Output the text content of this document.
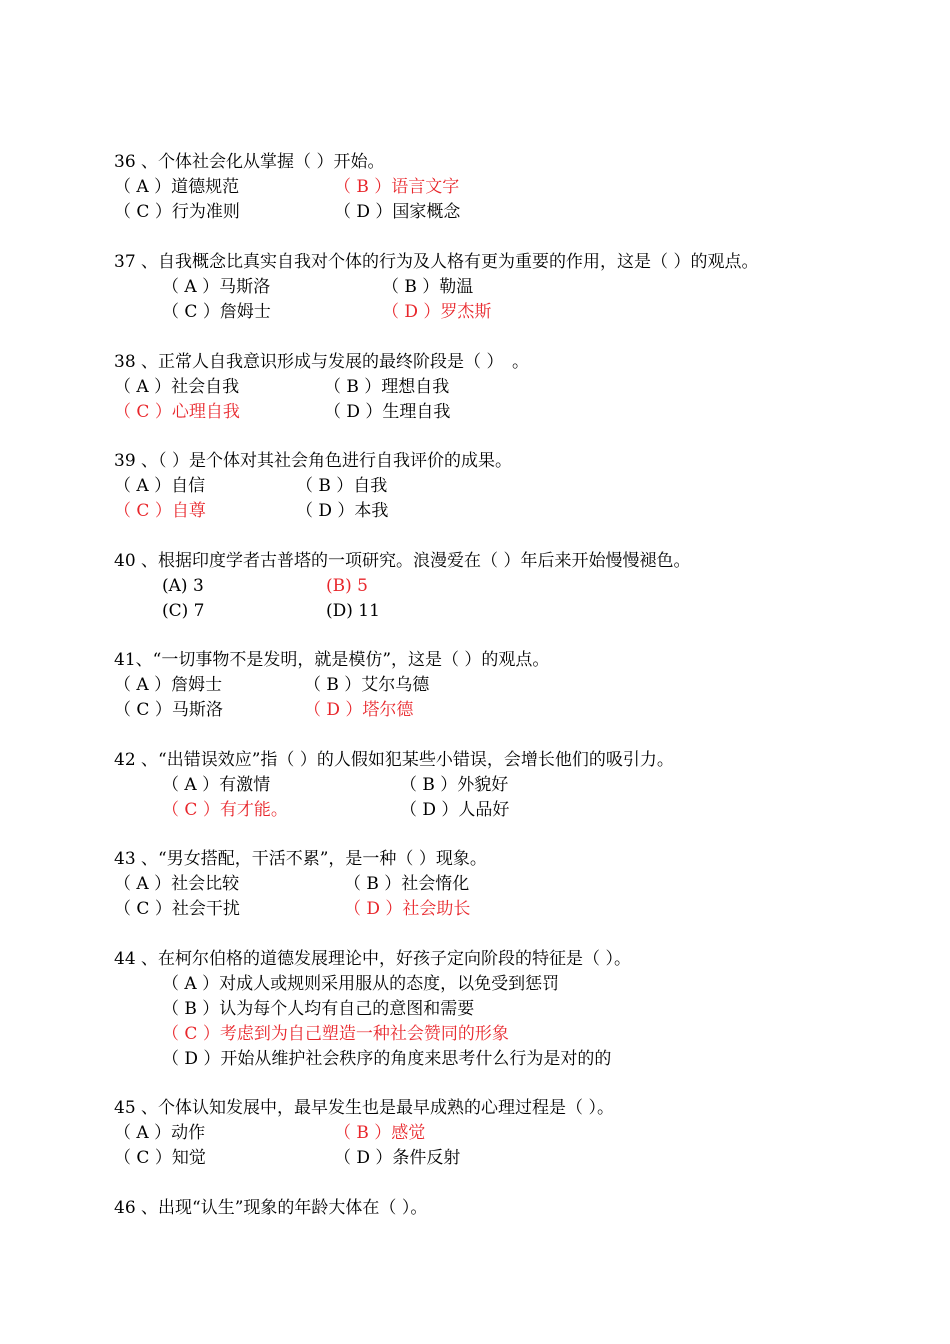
36 、个体社会化从掌握（ ）开始。
（ A ）道德规范	（ B ）语言文字
（ C ）行为准则	（ D ）国家概念
37 、自我概念比真实自我对个体的行为及人格有更为重要的作用，这是（ ）的观点。
（ A ）马斯洛	（ B ）勒温
（ C ）詹姆士	（ D ）罗杰斯
38 、正常人自我意识形成与发展的最终阶段是（ ）　。
（ A ）社会自我	（ B ）理想自我
（ C ）心理自我	（ D ）生理自我
39 、（ ）是个体对其社会角色进行自我评价的成果。
（ A ）自信	（ B ）自我
（ C ）自尊	（ D ）本我
40 、根据印度学者古普塔的一项研究。浪漫爱在（ ）年后来开始慢慢褪色。
(A) 3	(B) 5
(C) 7	(D) 11
41、“一切事物不是发明，就是模仿”，这是（ ）的观点。
（ A ）詹姆士	（ B ）艾尔乌德
（ C ）马斯洛	（ D ）塔尔德
42 、“出错误效应”指（ ）的人假如犯某些小错误，会增长他们的吸引力。
（ A ）有激情	（ B ）外貌好
（ C ）有才能。	（ D ）人品好
43 、“男女搭配，干活不累”，是一种（ ）现象。
（ A ）社会比较	（ B ）社会惰化
（ C ）社会干扰	（ D ）社会助长
44 、在柯尔伯格的道德发展理论中，好孩子定向阶段的特征是（ ）。
（ A ）对成人或规则采用服从的态度，以免受到惩罚
（ B ）认为每个人均有自己的意图和需要
（ C ）考虑到为自己塑造一种社会赞同的形象
（ D ）开始从维护社会秩序的角度来思考什么行为是对的的
45 、个体认知发展中，最早发生也是最早成熟的心理过程是（ ）。
（ A ）动作	（ B ）感觉
（ C ）知觉	（ D ）条件反射
46 、出现“认生”现象的年龄大体在（ ）。
